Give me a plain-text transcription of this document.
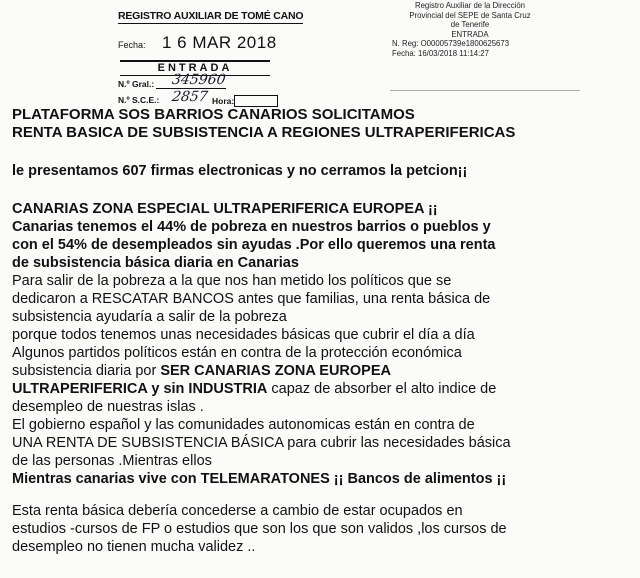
REGISTRO AUXILIAR DE TOMÉ CANO
Fecha: 1 6 MAR 2018
ENTRADA
N.º Gral.:	345960
N.º S.C.E.: 2857 Hora:
Registro Auxiliar de la Dirección
Provincial del SEPE de Santa Cruz
de Tenerife
ENTRADA
N. Reg: O00005739e1800625673
Fecha: 16/03/2018 11:14:27

PLATAFORMA SOS BARRIOS CANARIOS SOLICITAMOS

RENTA BASICA DE SUBSISTENCIA A REGIONES ULTRAPERIFERICAS

le presentamos 607 firmas electronicas y no cerramos la petcion¡¡

CANARIAS ZONA ESPECIAL ULTRAPERIFERICA EUROPEA ¡¡

Canarias tenemos el 44% de pobreza en nuestros barrios o pueblos y

con el 54% de desempleados sin ayudas .Por ello queremos una renta

de subsistencia básica diaria en Canarias

Para salir de la pobreza a la que nos han metido los políticos que se

dedicaron a RESCATAR BANCOS antes que familias, una renta básica de

subsistencia ayudaría a salir de la pobreza

porque todos tenemos unas necesidades básicas que cubrir el día a día

Algunos partidos políticos están en contra de la protección económica

subsistencia diaria por SER CANARIAS ZONA EUROPEA

ULTRAPERIFERICA y sin INDUSTRIA capaz de absorber el alto indice de

desempleo de nuestras islas .

El gobierno español y las comunidades autonomicas están en contra de

UNA RENTA DE SUBSISTENCIA BÁSICA para cubrir las necesidades básica

de las personas .Mientras ellos

Mientras canarias vive con TELEMARATONES ¡¡ Bancos de alimentos ¡¡

Esta renta básica debería concederse a cambio de estar ocupados en

estudios -cursos de FP o estudios que son los que son validos ,los cursos de

desempleo no tienen mucha validez ..
